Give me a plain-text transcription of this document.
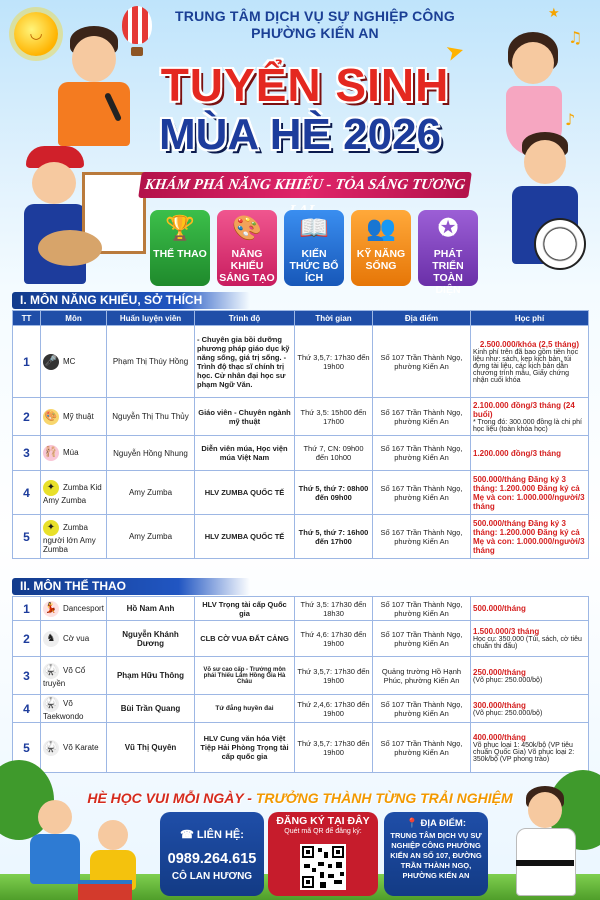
◡
➤
♫
♪
★
TRUNG TÂM DỊCH VỤ SỰ NGHIỆP CÔNG
PHƯỜNG KIẾN AN
TUYỂN SINH
MÙA HÈ 2026
KHÁM PHÁ NĂNG KHIẾU - TỎA SÁNG TƯƠNG
🏆
THỂ THAO
🎨
NĂNG KHIẾU SÁNG TẠO
📖
KIẾN THỨC BỔ ÍCH
👥
KỸ NĂNG SỐNG
✪
PHÁT TRIỂN TOÀN DIỆN
I. MÔN NĂNG KHIẾU, SỞ THÍCH
TT	Môn	Huấn luyện viên	Trình độ	Thời gian	Địa điểm	Học phí
1	🎤 MC	Phạm Thị Thúy Hồng	- Chuyên gia bồi dưỡng phương pháp giáo dục kỹ năng sống, giá trị sống. - Trình độ thạc sĩ chính trị học. Cử nhân đại học sư phạm Ngữ Văn.	Thứ 3,5,7: 17h30 đến 19h00	Số 107 Trần Thành Ngọ, phường Kiến An	2.500.000/khóa (2,5 tháng)
Kinh phí trên đã bao gồm tiền học liệu như: sách, kẹp kịch bản, túi đựng tài liệu, các kịch bản dẫn chương trình mẫu, Giấy chứng nhận cuối khóa

2	🎨 Mỹ thuật	Nguyễn Thị Thu Thủy	Giáo viên - Chuyên ngành mỹ thuật	Thứ 3,5: 15h00 đến 17h00	Số 167 Trần Thành Ngọ, phường Kiến An	2.100.000 đồng/3 tháng (24 buổi)
* Trong đó: 300.000 đồng là chi phí học liệu (toàn khóa học)

3	🩰 Múa	Nguyễn Hồng Nhung	Diễn viên múa, Học viện múa Việt Nam	Thứ 7, CN: 09h00 đến 10h00	Số 167 Trần Thành Ngọ, phường Kiến An	1.200.000 đồng/3 tháng

4	✦ Zumba Kid Amy Zumba	Amy Zumba	HLV ZUMBA QUỐC TẾ	Thứ 5, thứ 7: 08h00 đến 09h00	Số 167 Trần Thành Ngọ, phường Kiến An	500.000/tháng Đăng ký 3 tháng: 1.200.000 Đăng ký cả Mẹ và con: 1.000.000/người/3 tháng

5	✦ Zumba người lớn Amy Zumba	Amy Zumba	HLV ZUMBA QUỐC TẾ	Thứ 5, thứ 7: 16h00 đến 17h00	Số 167 Trần Thành Ngọ, phường Kiến An	500.000/tháng Đăng ký 3 tháng: 1.200.000 Đăng ký cả Mẹ và con: 1.000.000/người/3 tháng
II. MÔN THỂ THAO
1	💃 Dancesport	Hồ Nam Anh	HLV Trọng tài cấp Quốc gia	Thứ 3,5: 17h30 đến 18h30	Số 107 Trần Thành Ngọ, phường Kiến An	500.000/tháng

2	♞ Cờ vua	Nguyễn Khánh Dương	CLB CỜ VUA ĐẤT CẢNG	Thứ 4,6: 17h30 đến 19h00	Số 107 Trần Thành Ngọ, phường Kiến An	1.500.000/3 tháng
Học cụ: 350.000 (Túi, sách, cờ tiêu chuẩn thi đấu)

3	🥋 Võ Cổ truyền	Phạm Hữu Thông	Võ sư cao cấp - Trưởng môn phái Thiếu Lâm Hồng Gia Hà Châu	Thứ 3,5,7: 17h30 đến 19h00	Quảng trường Hồ Hạnh Phúc, phường Kiến An	250.000/tháng
(Võ phục: 250.000/bộ)

4	🥋 Võ Taekwondo	Bùi Trần Quang	Tứ đẳng huyền đai	Thứ 2,4,6: 17h30 đến 19h00	Số 107 Trần Thành Ngọ, phường Kiến An	300.000/tháng
(Võ phục: 250.000/bộ)

5	🥋 Võ Karate	Vũ Thị Quyên	HLV Cung văn hóa Việt Tiệp Hải Phòng Trọng tài cấp quốc gia	Thứ 3,5,7: 17h30 đến 19h00	Số 107 Trần Thành Ngọ, phường Kiến An	400.000/tháng
Võ phục loại 1: 450k/bộ (VP tiêu chuẩn Quốc Gia) Võ phục loại 2: 350k/bộ (VP phong trào)
HÈ HỌC VUI MỖI NGÀY - TRƯỞNG THÀNH TỪNG TRẢI NGHIỆM
☎ LIÊN HỆ:
0989.264.615
CÔ LAN HƯƠNG
ĐĂNG KÝ TẠI ĐÂY
Quét mã QR để đăng ký:
📍 ĐỊA ĐIỂM:
TRUNG TÂM DỊCH VỤ SỰ NGHIỆP CÔNG PHƯỜNG KIẾN AN SỐ 107, ĐƯỜNG TRẦN THÀNH NGỌ, PHƯỜNG KIẾN AN
